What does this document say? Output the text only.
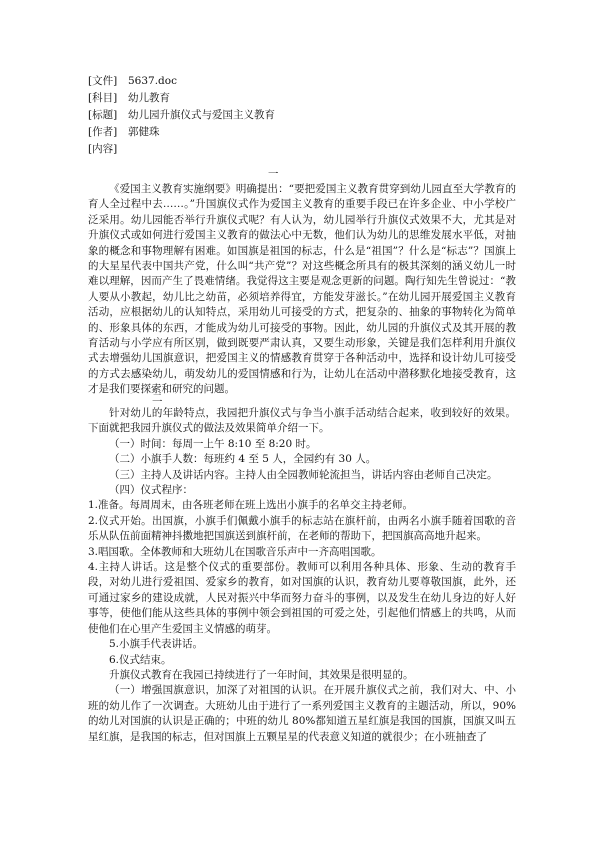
[文件]	5637.doc
[科目]	幼儿教育
[标题]	幼儿园升旗仪式与爱国主义教育
[作者]	郭健珠
[内容]
一

《爱国主义教育实施纲要》明确提出：“要把爱国主义教育贯穿到幼儿园直至大学教育的育人全过程中去……。”升国旗仪式作为爱国主义教育的重要手段已在许多企业、中小学校广泛采用。幼儿园能否举行升旗仪式呢？有人认为，幼儿园举行升旗仪式效果不大，尤其是对升旗仪式或如何进行爱国主义教育的做法心中无数，他们认为幼儿的思维发展水平低，对抽象的概念和事物理解有困难。如国旗是祖国的标志，什么是“祖国”？什么是“标志”？国旗上的大星星代表中国共产党，什么叫“共产党”？对这些概念所具有的极其深刻的涵义幼儿一时难以理解，因而产生了畏难情绪。我觉得这主要是观念更新的问题。陶行知先生曾说过：“教人要从小教起，幼儿比之幼苗，必须培养得宜，方能发芽滋长。”在幼儿园开展爱国主义教育活动，应根据幼儿的认知特点，采用幼儿可接受的方式，把复杂的、抽象的事物转化为简单的、形象具体的东西，才能成为幼儿可接受的事物。因此，幼儿园的升旗仪式及其开展的教育活动与小学应有所区别，做到既要严肃认真，又要生动形象，关键是我们怎样利用升旗仪式去增强幼儿国旗意识，把爱国主义的情感教育贯穿于各种活动中，选择和设计幼儿可接受的方式去感染幼儿，萌发幼儿的爱国情感和行为，让幼儿在活动中潜移默化地接受教育，这才是我们要探索和研究的问题。

二

针对幼儿的年龄特点，我园把升旗仪式与争当小旗手活动结合起来，收到较好的效果。下面就把我园升旗仪式的做法及效果简单介绍一下。

（一）时间：每周一上午 8:10 至 8:20 时。

（二）小旗手人数：每班约 4 至 5 人，全园约有 30 人。

（三）主持人及讲话内容。主持人由全园教师轮流担当，讲话内容由老师自己决定。

（四）仪式程序：

1.准备。每周周末，由各班老师在班上选出小旗手的名单交主持老师。

2.仪式开始。出国旗，小旗手们佩戴小旗手的标志站在旗杆前，由两名小旗手随着国歌的音乐从队伍前面精神抖擞地把国旗送到旗杆前，在老师的帮助下，把国旗高高地升起来。

3.唱国歌。全体教师和大班幼儿在国歌音乐声中一齐高唱国歌。

4.主持人讲话。这是整个仪式的重要部份。教师可以利用各种具体、形象、生动的教育手段，对幼儿进行爱祖国、爱家乡的教育，如对国旗的认识，教育幼儿要尊敬国旗，此外，还可通过家乡的建设成就，人民对振兴中华而努力奋斗的事例，以及发生在幼儿身边的好人好事等，使他们能从这些具体的事例中领会到祖国的可爱之处，引起他们情感上的共鸣，从而使他们在心里产生爱国主义情感的萌芽。

5.小旗手代表讲话。

6.仪式结束。

升旗仪式教育在我园已持续进行了一年时间，其效果是很明显的。

（一）增强国旗意识，加深了对祖国的认识。在开展升旗仪式之前，我们对大、中、小班的幼儿作了一次调查。大班幼儿由于进行了一系列爱国主义教育的主题活动，所以，90%的幼儿对国旗的认识是正确的；中班的幼儿 80%都知道五星红旗是我国的国旗，国旗又叫五星红旗，是我国的标志，但对国旗上五颗星星的代表意义知道的就很少；在小班抽查了
